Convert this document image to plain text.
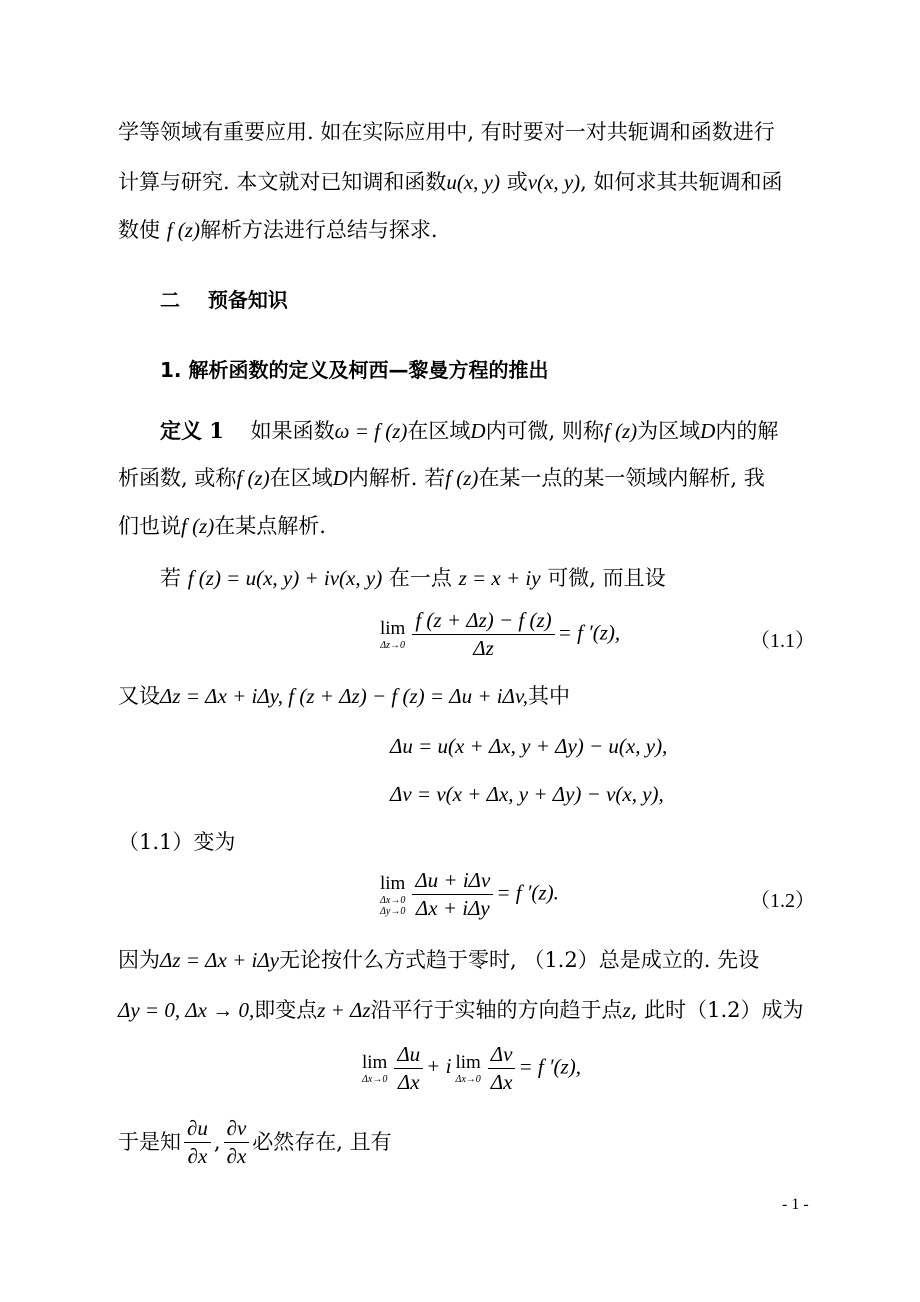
学等领域有重要应用. 如在实际应用中, 有时要对一对共轭调和函数进行
计算与研究. 本文就对已知调和函数u(x, y) 或v(x, y), 如何求其共轭调和函
数使 f (z)解析方法进行总结与探求.
二    预备知识
1. 解析函数的定义及柯西—黎曼方程的推出
定义 1 如果函数ω = f (z)在区域D内可微, 则称f (z)为区域D内的解
析函数, 或称f (z)在区域D内解析. 若f (z)在某一点的某一领域内解析, 我
们也说f (z)在某点解析.
若 f (z) = u(x, y) + iv(x, y) 在一点 z = x + iy 可微, 而且设
lim
$\Delta z\to 0 \frac{f (z + \Delta z) - f (z)}{\Delta z} = f$ ′(z),	（1.1）
又设Δz = Δx + iΔy, f (z + Δz) − f (z) = Δu + iΔv,其中
Δu = u(x + Δx, y + Δy) − u(x, y),
Δv = v(x + Δx, y + Δy) − v(x, y),
（1.1）变为
lim
Δx→0
$\Delta y\to 0 \frac{\text{Δu + iΔv}}{\text{Δx + iΔy}} = f$ ′(z).	（1.2）
因为Δz = Δx + iΔy无论按什么方式趋于零时, （1.2）总是成立的. 先设
Δy = 0, Δx → 0,即变点z + Δz沿平行于实轴的方向趋于点z, 此时（1.2）成为
lim
$\Delta x\to 0 \frac{\Delta u}{\Delta x} + i$ lim
$\Delta x\to 0 \frac{\Delta v}{\Delta x} = f$ ′(z),
于是知 $\frac{\partial u}{\partial x}$ , $\frac{\partial v}{\partial x}$ 必然存在, 且有
- 1 -
